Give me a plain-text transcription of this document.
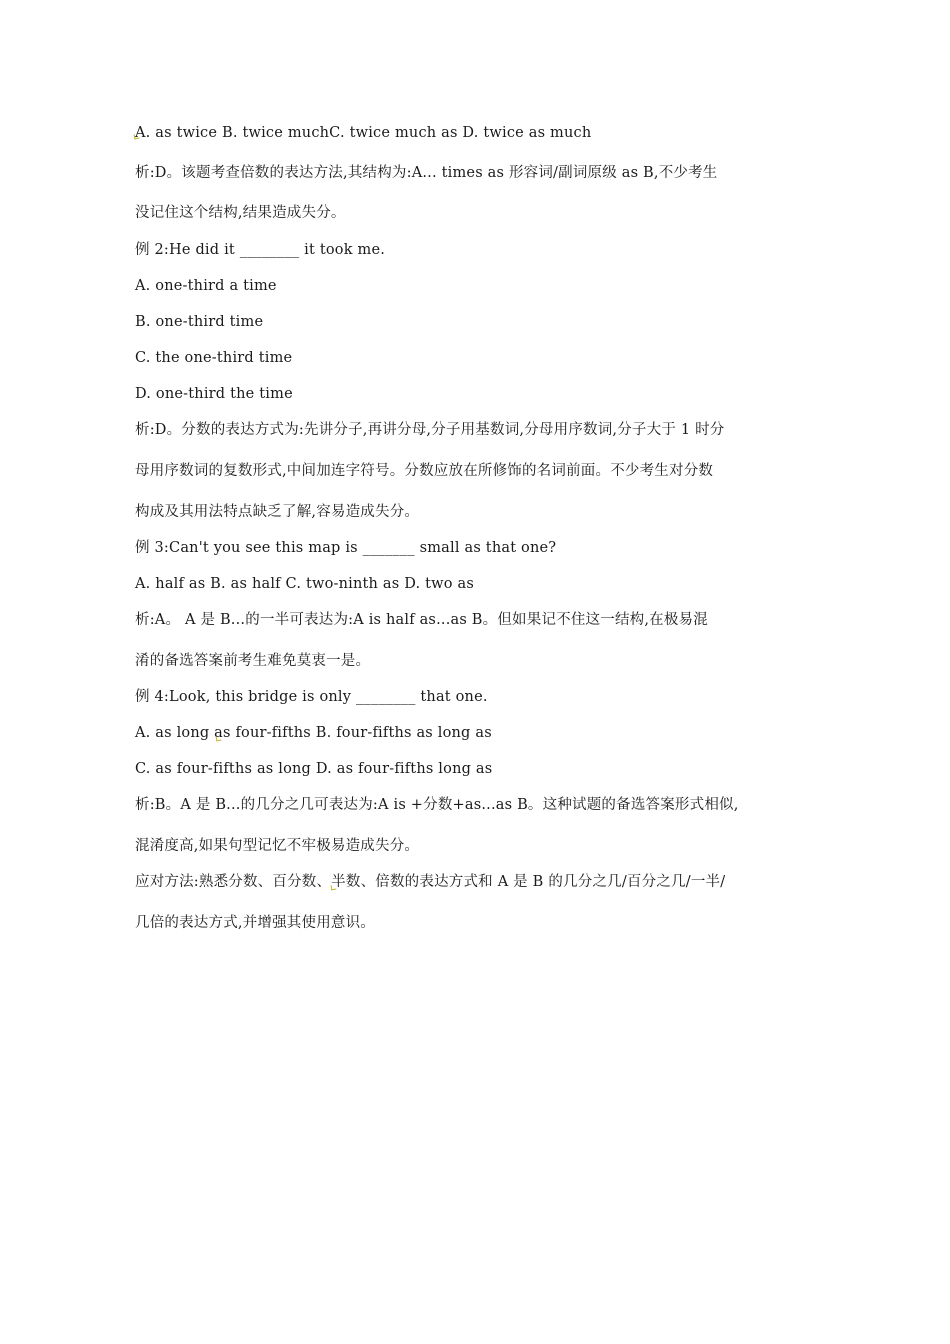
A. as twice B. twice muchC. twice much as D. twice as much
析:D。该题考查倍数的表达方法,其结构为:A... times as 形容词/副词原级 as B,不少考生
没记住这个结构,结果造成失分。
例 2:He did it ________ it took me.
A. one-third a time
B. one-third time
C. the one-third time
D. one-third the time
析:D。分数的表达方式为:先讲分子,再讲分母,分子用基数词,分母用序数词,分子大于 1 时分
母用序数词的复数形式,中间加连字符号。分数应放在所修饰的名词前面。不少考生对分数
构成及其用法特点缺乏了解,容易造成失分。
例 3:Can't you see this map is _______ small as that one?
A. half as B. as half C. two-ninth as D. two as
析:A。 A 是 B...的一半可表达为:A is half as...as B。但如果记不住这一结构,在极易混
淆的备选答案前考生难免莫衷一是。
例 4:Look, this bridge is only ________ that one.
A. as long as four-fifths B. four-fifths as long as
C. as four-fifths as long D. as four-fifths long as
析:B。A 是 B...的几分之几可表达为:A is +分数+as...as B。这种试题的备选答案形式相似,
混淆度高,如果句型记忆不牢极易造成失分。
应对方法:熟悉分数、百分数、半数、倍数的表达方式和 A 是 B 的几分之几/百分之几/一半/
几倍的表达方式,并增强其使用意识。
